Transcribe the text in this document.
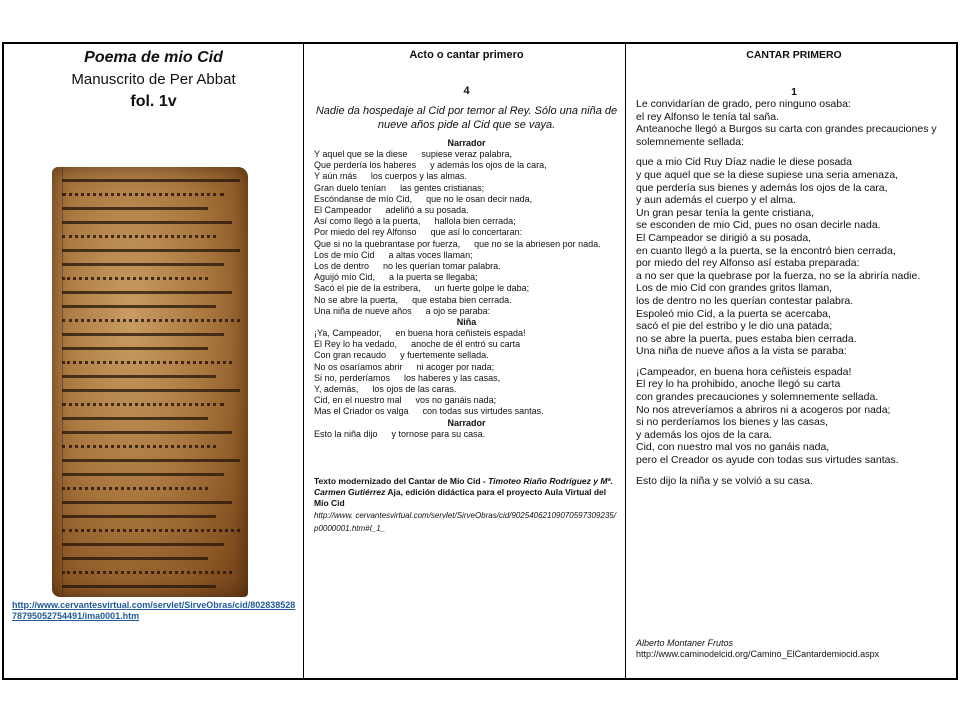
Poema de mio Cid

Manuscrito de Per Abbat

fol. 1v

http://www.cervantesvirtual.com/servlet/SirveObras/cid/80283852878795052754491/ima0001.htm

Acto o cantar primero

4

Nadie da hospedaje al Cid por temor al Rey. Sólo una niña de nueve años pide al Cid que se vaya.

Narrador

Y aquel que se la diese supiese veraz palabra,
Que perdería los haberes y además los ojos de la cara,
Y aún más los cuerpos y las almas.
Gran duelo tenían las gentes cristianas;
Escóndanse de mío Cid, que no le osan decir nada,
El Campeador adeliñó a su posada.
Así como llegó a la puerta, hallola bien cerrada;
Por miedo del rey Alfonso que así lo concertaran:
Que si no la quebrantase por fuerza, que no se la abriesen por nada.
Los de mío Cid a altas voces llaman;
Los de dentro no les querían tomar palabra.
Aguijó mío Cid, a la puerta se llegaba;
Sacó el pie de la estribera, un fuerte golpe le daba;
No se abre la puerta, que estaba bien cerrada.
Una niña de nueve años a ojo se paraba:

Niña

¡Ya, Campeador, en buena hora ceñisteis espada!
El Rey lo ha vedado, anoche de él entró su carta
Con gran recaudo y fuertemente sellada.
No os osaríamos abrir ni acoger por nada;
Si no, perderíamos los haberes y las casas,
Y, además, los ojos de las caras.
Cid, en el nuestro mal vos no ganáis nada;
Mas el Criador os valga con todas sus virtudes santas.

Narrador

Esto la niña dijo y tornose para su casa.
Texto modernizado del Cantar de Mío Cid - Timoteo Riaño Rodríguez y Mª. Carmen Gutiérrez Aja, edición didáctica para el proyecto Aula Virtual del Mío Cid
http://www. cervantesvirtual.com/servlet/SirveObras/cid/90254062109070597309235/p0000001.htm#I_1_

CANTAR PRIMERO

1

Le convidarían de grado, pero ninguno osaba:
el rey Alfonso le tenía tal saña.
Anteanoche llegó a Burgos su carta con grandes precauciones y solemnemente sellada:
que a mio Cid Ruy Díaz nadie le diese posada
y que aquel que se la diese supiese una seria amenaza,
que perdería sus bienes y además los ojos de la cara,
y aun además el cuerpo y el alma.
Un gran pesar tenía la gente cristiana,
se esconden de mio Cid, pues no osan decirle nada.
El Campeador se dirigió a su posada,
en cuanto llegó a la puerta, se la encontró bien cerrada,
por miedo del rey Alfonso así estaba preparada:
a no ser que la quebrase por la fuerza, no se la abriría nadie.
Los de mio Cid con grandes gritos llaman,
los de dentro no les querían contestar palabra.
Espoleó mio Cid, a la puerta se acercaba,
sacó el pie del estribo y le dio una patada;
no se abre la puerta, pues estaba bien cerrada.
Una niña de nueve años a la vista se paraba:
¡Campeador, en buena hora ceñisteis espada!
El rey lo ha prohibido, anoche llegó su carta
con grandes precauciones y solemnemente sellada.
No nos atreveríamos a abriros ni a acogeros por nada;
si no perderíamos los bienes y las casas,
y además los ojos de la cara.
Cid, con nuestro mal vos no ganáis nada,
pero el Creador os ayude con todas sus virtudes santas.
Esto dijo la niña y se volvió a su casa.
Alberto Montaner Frutos
http://www.caminodelcid.org/Camino_ElCantardemiocid.aspx
